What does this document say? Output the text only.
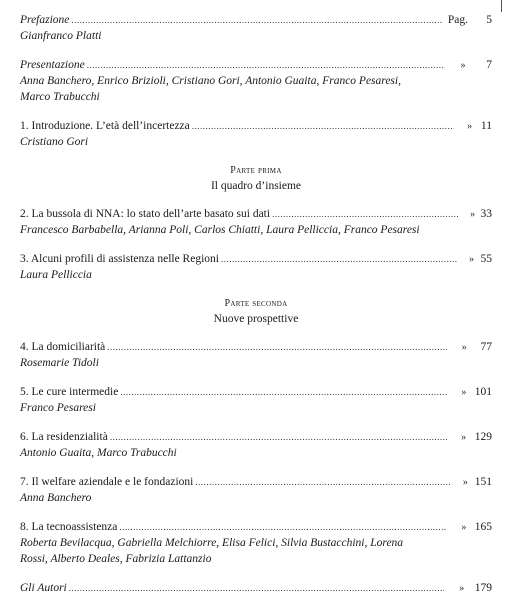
Prefazione .....	Pag.	5
Gianfranco Platti
Presentazione .....	»	7
Anna Banchero, Enrico Brizioli, Cristiano Gori, Antonio Guaita, Franco Pesaresi, Marco Trabucchi
1. Introduzione. L’età dell’incertezza .....	» 11
Cristiano Gori
Parte prima
Il quadro d’insieme
2. La bussola di NNA: lo stato dell’arte basato sui dati .....	» 33
Francesco Barbabella, Arianna Poli, Carlos Chiatti, Laura Pelliccia, Franco Pesaresi
3. Alcuni profili di assistenza nelle Regioni .....	» 55
Laura Pelliccia
Parte seconda
Nuove prospettive
4. La domiciliarità .....	»	77
Rosemarie Tidoli
5. Le cure intermedie .....	» 101
Franco Pesaresi
6. La residenzialità .....	» 129
Antonio Guaita, Marco Trabucchi
7. Il welfare aziendale e le fondazioni .....	» 151
Anna Banchero
8. La tecnoassistenza .....	» 165
Roberta Bevilacqua, Gabriella Melchiorre, Elisa Felici, Silvia Bustacchini, Lorena Rossi, Alberto Deales, Fabrizia Lattanzio
Gli Autori .....	» 179
